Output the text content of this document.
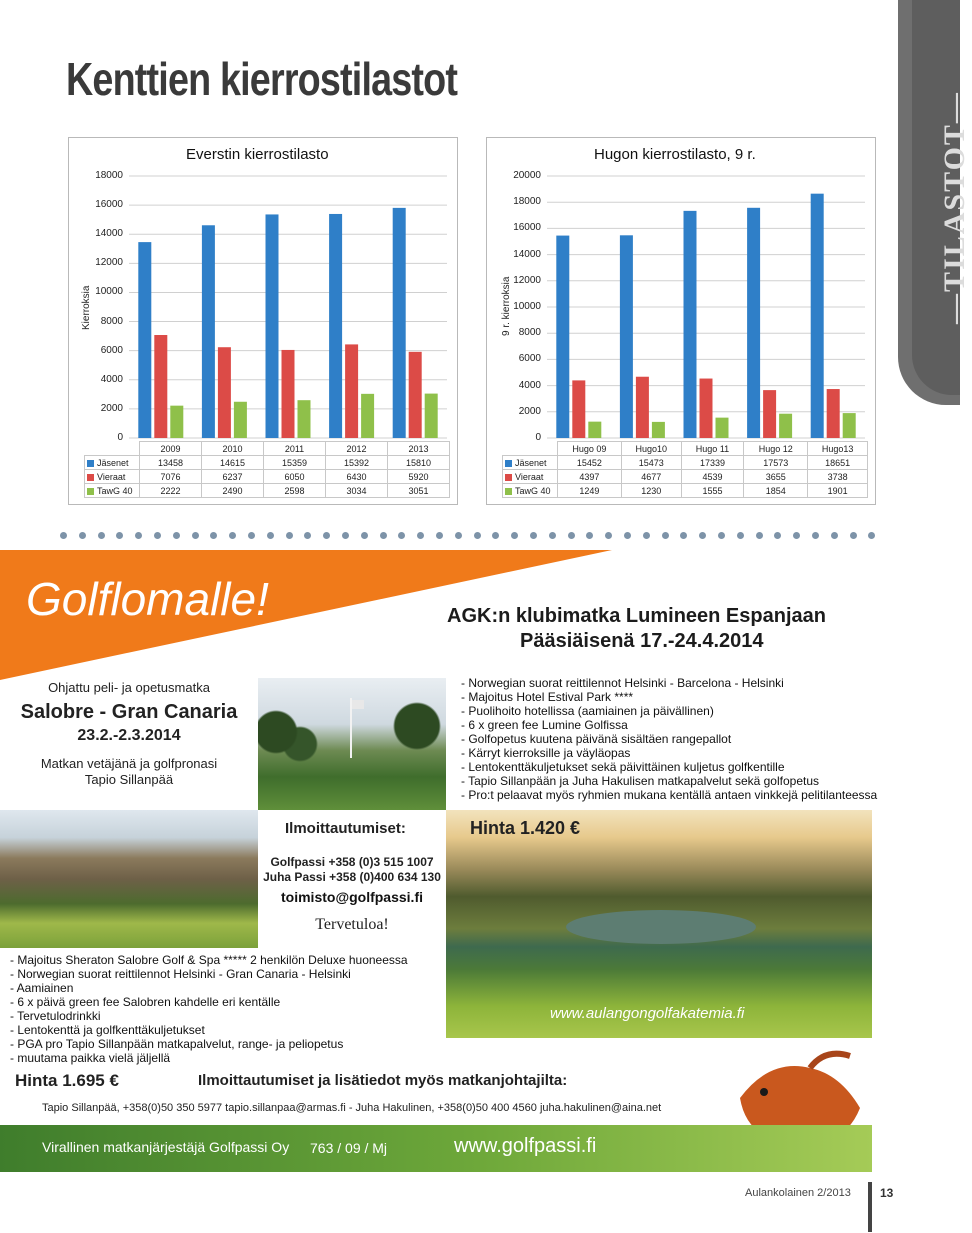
Kenttien kierrostilastot
—TILASTOT—
Everstin kierrostilasto
Kierroksia
18000
16000
14000
12000
10000
8000
6000
4000
2000
0
	2009	2010	2011	2012	2013
Jäsenet	13458	14615	15359	15392	15810
Vieraat	7076	6237	6050	6430	5920
TawG 40	2222	2490	2598	3034	3051
Hugon kierrostilasto, 9 r.
9 r. kierroksia
20000
18000
16000
14000
12000
10000
8000
6000
4000
2000
0
	Hugo 09	Hugo10	Hugo 11	Hugo 12	Hugo13
Jäsenet	15452	15473	17339	17573	18651
Vieraat	4397	4677	4539	3655	3738
TawG 40	1249	1230	1555	1854	1901
Golflomalle!	AGK:n klubimatka Lumineen Espanjaan
Pääsiäisenä 17.-24.4.2014
- Norwegian suorat reittilennot Helsinki - Barcelona - Helsinki
- Majoitus Hotel Estival Park ****
- Puolihoito hotellissa (aamiainen ja päivällinen)
- 6 x green fee Lumine Golfissa
- Golfopetus kuutena päivänä sisältäen rangepallot
- Kärryt kierroksille ja väyläopas
- Lentokenttäkuljetukset sekä päivittäinen kuljetus golfkentille
- Tapio Sillanpään ja Juha Hakulisen matkapalvelut sekä golfopetus
- Pro:t pelaavat myös ryhmien mukana kentällä antaen vinkkejä pelitilanteessa
Ohjattu peli- ja opetusmatka
Salobre - Gran Canaria
23.2.-2.3.2014
Matkan vetäjänä ja golfpronasi
Tapio Sillanpää
Ilmoittautumiset:	Hinta 1.420 €
Golfpassi +358 (0)3 515 1007
Juha Passi +358 (0)400 634 130
toimisto@golfpassi.fi
Tervetuloa!
- Majoitus Sheraton Salobre Golf & Spa ***** 2 henkilön Deluxe huoneessa
- Norwegian suorat reittilennot Helsinki - Gran Canaria - Helsinki
- Aamiainen
- 6 x päivä green fee Salobren kahdelle eri kentälle
- Tervetulodrinkki
- Lentokenttä ja golfkenttäkuljetukset
- PGA pro Tapio Sillanpään matkapalvelut, range- ja peliopetus
- muutama paikka vielä jäljellä
www.aulangongolfakatemia.fi
Hinta 1.695 €	Ilmoittautumiset ja lisätiedot myös matkanjohtajilta:
Tapio Sillanpää, +358(0)50 350 5977 tapio.sillanpaa@armas.fi - Juha Hakulinen, +358(0)50 400 4560 juha.hakulinen@aina.net
Virallinen matkanjärjestäjä Golfpassi Oy 763 / 09 / Mj	www.golfpassi.fi
Aulankolainen 2/2013 13
